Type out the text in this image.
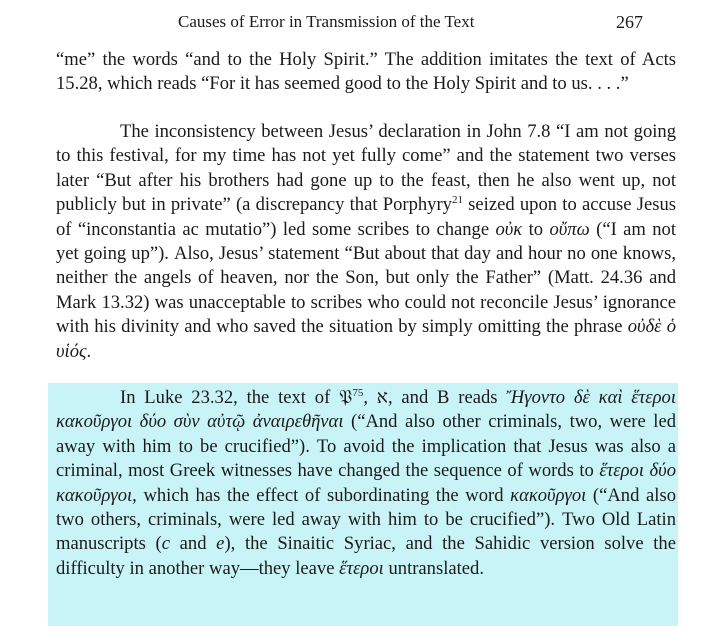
Causes of Error in Transmission of the Text	267

“me” the words “and to the Holy Spirit.” The addition imitates the text of Acts 15.28, which reads “For it has seemed good to the Holy Spirit and to us. . . .”

The inconsistency between Jesus’ declaration in John 7.8 “I am not going to this festival, for my time has not yet fully come” and the statement two verses later “But after his brothers had gone up to the feast, then he also went up, not publicly but in private” (a discrepancy that Porphyry$^{21}$ seized upon to accuse Jesus of “inconstantia ac mutatio”) led some scribes to change οὐκ to οὔπω (“I am not yet going up”). Also, Jesus’ statement “But about that day and hour no one knows, neither the angels of heaven, nor the Son, but only the Father” (Matt. 24.36 and Mark 13.32) was unacceptable to scribes who could not reconcile Jesus’ ignorance with his divinity and who saved the situation by simply omitting the phrase οὐδὲ ὁ υἱός.

In Luke 23.32, the text of 𝔓$^{75}$, א, and B reads Ἤγοντο δὲ καὶ ἕτεροι κακοῦργοι δύο σὺν αὐτῷ ἀναιρεθῆναι (“And also other criminals, two, were led away with him to be crucified”). To avoid the implication that Jesus was also a criminal, most Greek witnesses have changed the sequence of words to ἕτεροι δύο κακοῦργοι, which has the effect of subordinating the word κακοῦργοι (“And also two others, criminals, were led away with him to be crucified”). Two Old Latin manuscripts (c and e), the Sinaitic Syriac, and the Sahidic version solve the difficulty in another way—they leave ἕτεροι untranslated.
